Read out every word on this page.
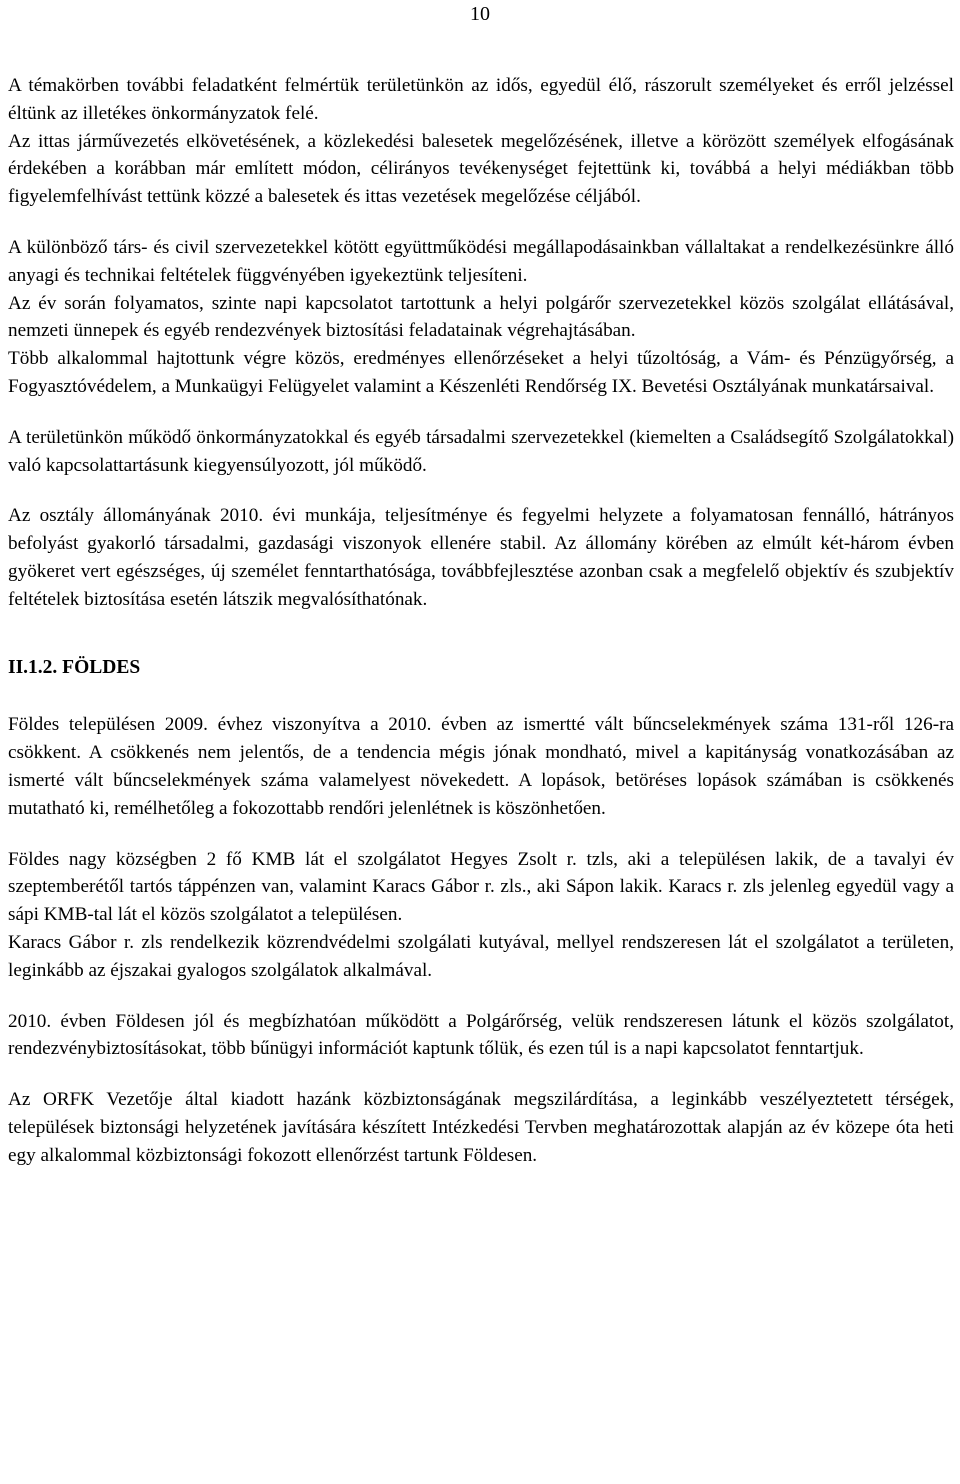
10

A témakörben további feladatként felmértük területünkön az idős, egyedül élő, rászorult személyeket és erről jelzéssel éltünk az illetékes önkormányzatok felé.

Az ittas járművezetés elkövetésének, a közlekedési balesetek megelőzésének, illetve a körözött személyek elfogásának érdekében a korábban már említett módon, célirányos tevékenységet fejtettünk ki, továbbá a helyi médiákban több figyelemfelhívást tettünk közzé a balesetek és ittas vezetések megelőzése céljából.

A különböző társ- és civil szervezetekkel kötött együttműködési megállapodásainkban vállaltakat a rendelkezésünkre álló anyagi és technikai feltételek függvényében igyekeztünk teljesíteni.

Az év során folyamatos, szinte napi kapcsolatot tartottunk a helyi polgárőr szervezetekkel közös szolgálat ellátásával, nemzeti ünnepek és egyéb rendezvények biztosítási feladatainak végrehajtásában.

Több alkalommal hajtottunk végre közös, eredményes ellenőrzéseket a helyi tűzoltóság, a Vám- és Pénzügyőrség, a Fogyasztóvédelem, a Munkaügyi Felügyelet valamint a Készenléti Rendőrség IX. Bevetési Osztályának munkatársaival.

A területünkön működő önkormányzatokkal és egyéb társadalmi szervezetekkel (kiemelten a Családsegítő Szolgálatokkal) való kapcsolattartásunk kiegyensúlyozott, jól működő.

Az osztály állományának 2010. évi munkája, teljesítménye és fegyelmi helyzete a folyamatosan fennálló, hátrányos befolyást gyakorló társadalmi, gazdasági viszonyok ellenére stabil. Az állomány körében az elmúlt két-három évben gyökeret vert egészséges, új személet fenntarthatósága, továbbfejlesztése azonban csak a megfelelő objektív és szubjektív feltételek biztosítása esetén látszik megvalósíthatónak.

II.1.2. FÖLDES

Földes településen 2009. évhez viszonyítva a 2010. évben az ismertté vált bűncselekmények száma 131-ről 126-ra csökkent. A csökkenés nem jelentős, de a tendencia mégis jónak mondható, mivel a kapitányság vonatkozásában az ismerté vált bűncselekmények száma valamelyest növekedett. A lopások, betöréses lopások számában is csökkenés mutatható ki, remélhetőleg a fokozottabb rendőri jelenlétnek is köszönhetően.

Földes nagy községben 2 fő KMB lát el szolgálatot Hegyes Zsolt r. tzls, aki a településen lakik, de a tavalyi év szeptemberétől tartós táppénzen van, valamint Karacs Gábor r. zls., aki Sápon lakik. Karacs r. zls jelenleg egyedül vagy a sápi KMB-tal lát el közös szolgálatot a településen.

Karacs Gábor r. zls rendelkezik közrendvédelmi szolgálati kutyával, mellyel rendszeresen lát el szolgálatot a területen, leginkább az éjszakai gyalogos szolgálatok alkalmával.

2010. évben Földesen jól és megbízhatóan működött a Polgárőrség, velük rendszeresen látunk el közös szolgálatot, rendezvénybiztosításokat, több bűnügyi információt kaptunk tőlük, és ezen túl is a napi kapcsolatot fenntartjuk.

Az ORFK Vezetője által kiadott hazánk közbiztonságának megszilárdítása, a leginkább veszélyeztetett térségek, települések biztonsági helyzetének javítására készített Intézkedési Tervben meghatározottak alapján az év közepe óta heti egy alkalommal közbiztonsági fokozott ellenőrzést tartunk Földesen.
